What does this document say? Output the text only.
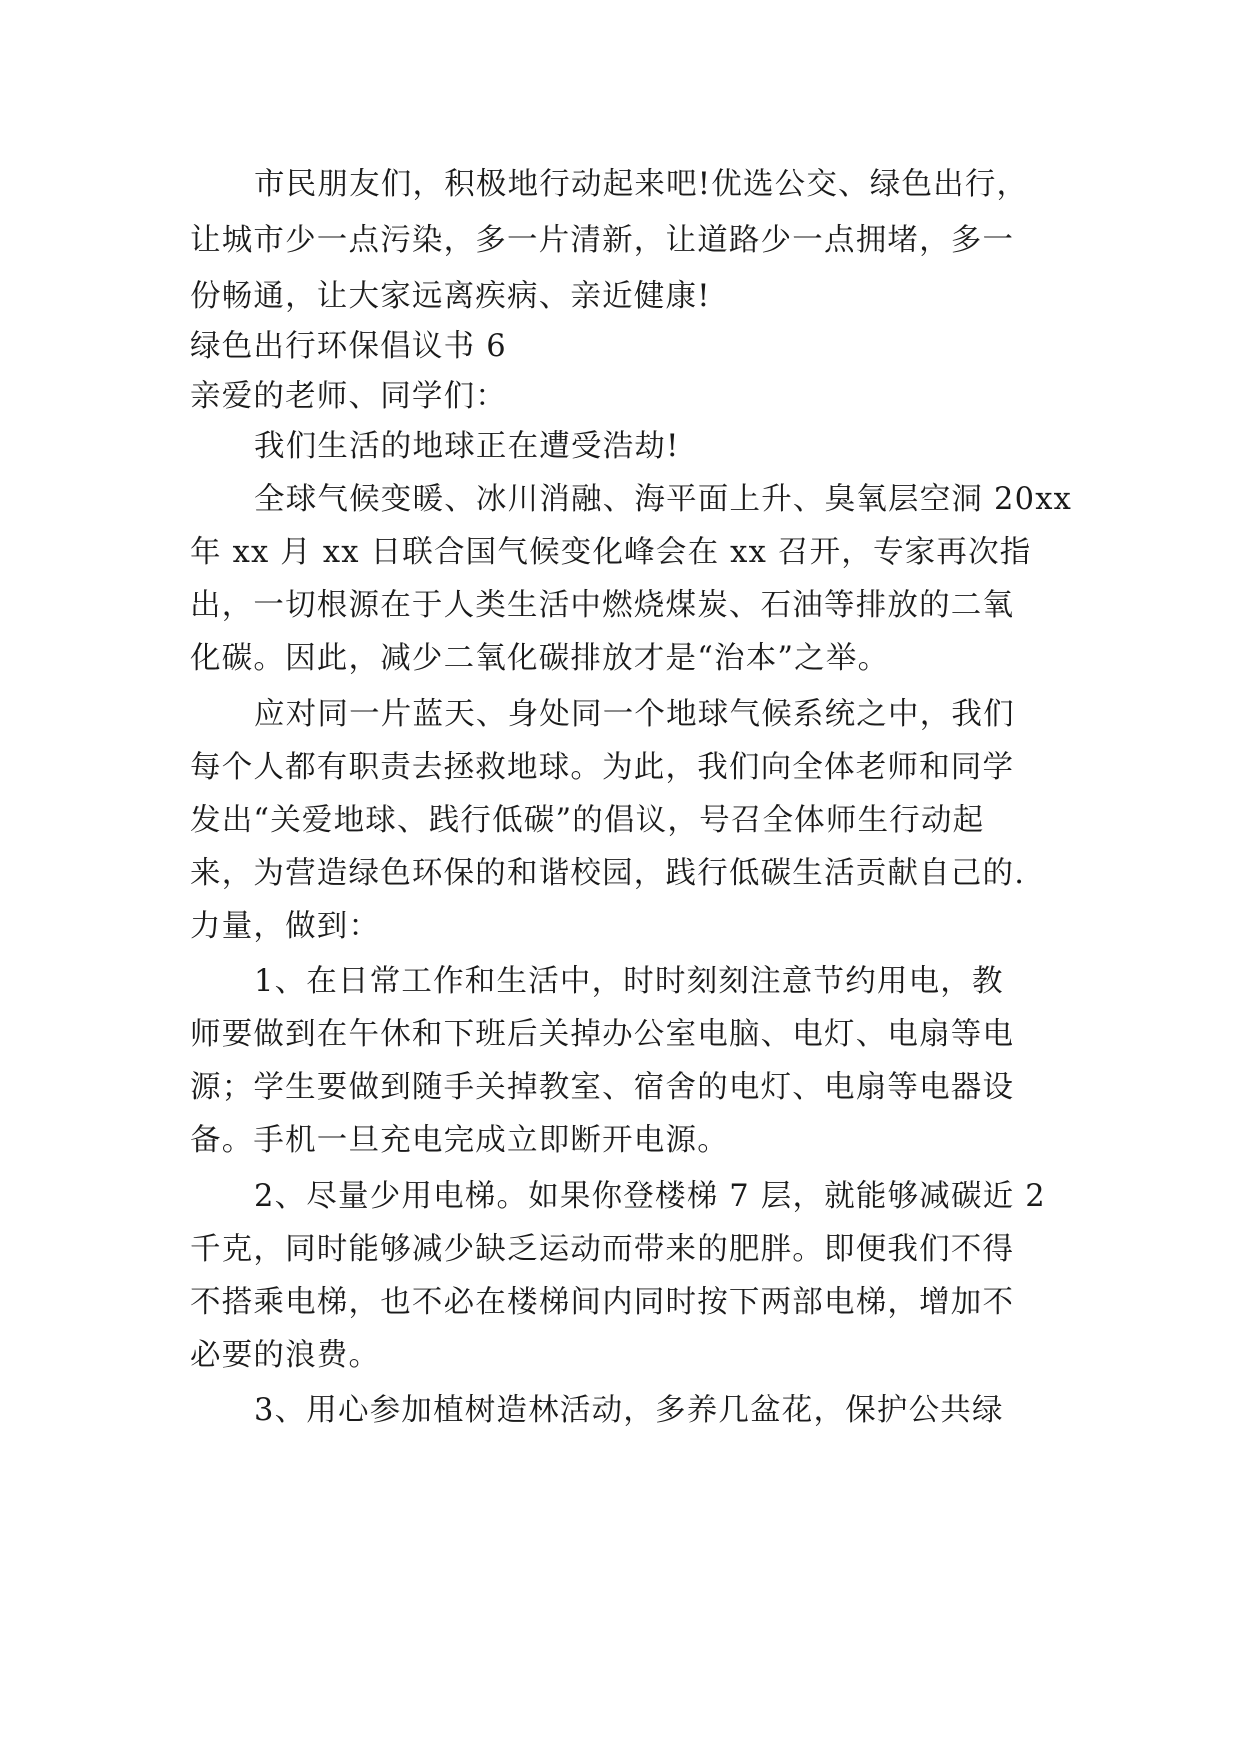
市民朋友们，积极地行动起来吧!优选公交、绿色出行，
让城市少一点污染，多一片清新，让道路少一点拥堵，多一
份畅通，让大家远离疾病、亲近健康!
绿色出行环保倡议书 6
亲爱的老师、同学们：
我们生活的地球正在遭受浩劫!
全球气候变暖、冰川消融、海平面上升、臭氧层空洞 20xx
年 xx 月 xx 日联合国气候变化峰会在 xx 召开，专家再次指
出，一切根源在于人类生活中燃烧煤炭、石油等排放的二氧
化碳。因此，减少二氧化碳排放才是“治本”之举。
应对同一片蓝天、身处同一个地球气候系统之中，我们
每个人都有职责去拯救地球。为此，我们向全体老师和同学
发出“关爱地球、践行低碳”的倡议，号召全体师生行动起
来，为营造绿色环保的和谐校园，践行低碳生活贡献自己的.
力量，做到：
1、在日常工作和生活中，时时刻刻注意节约用电，教
师要做到在午休和下班后关掉办公室电脑、电灯、电扇等电
源；学生要做到随手关掉教室、宿舍的电灯、电扇等电器设
备。手机一旦充电完成立即断开电源。
2、尽量少用电梯。如果你登楼梯 7 层，就能够减碳近 2
千克，同时能够减少缺乏运动而带来的肥胖。即便我们不得
不搭乘电梯，也不必在楼梯间内同时按下两部电梯，增加不
必要的浪费。
3、用心参加植树造林活动，多养几盆花，保护公共绿
